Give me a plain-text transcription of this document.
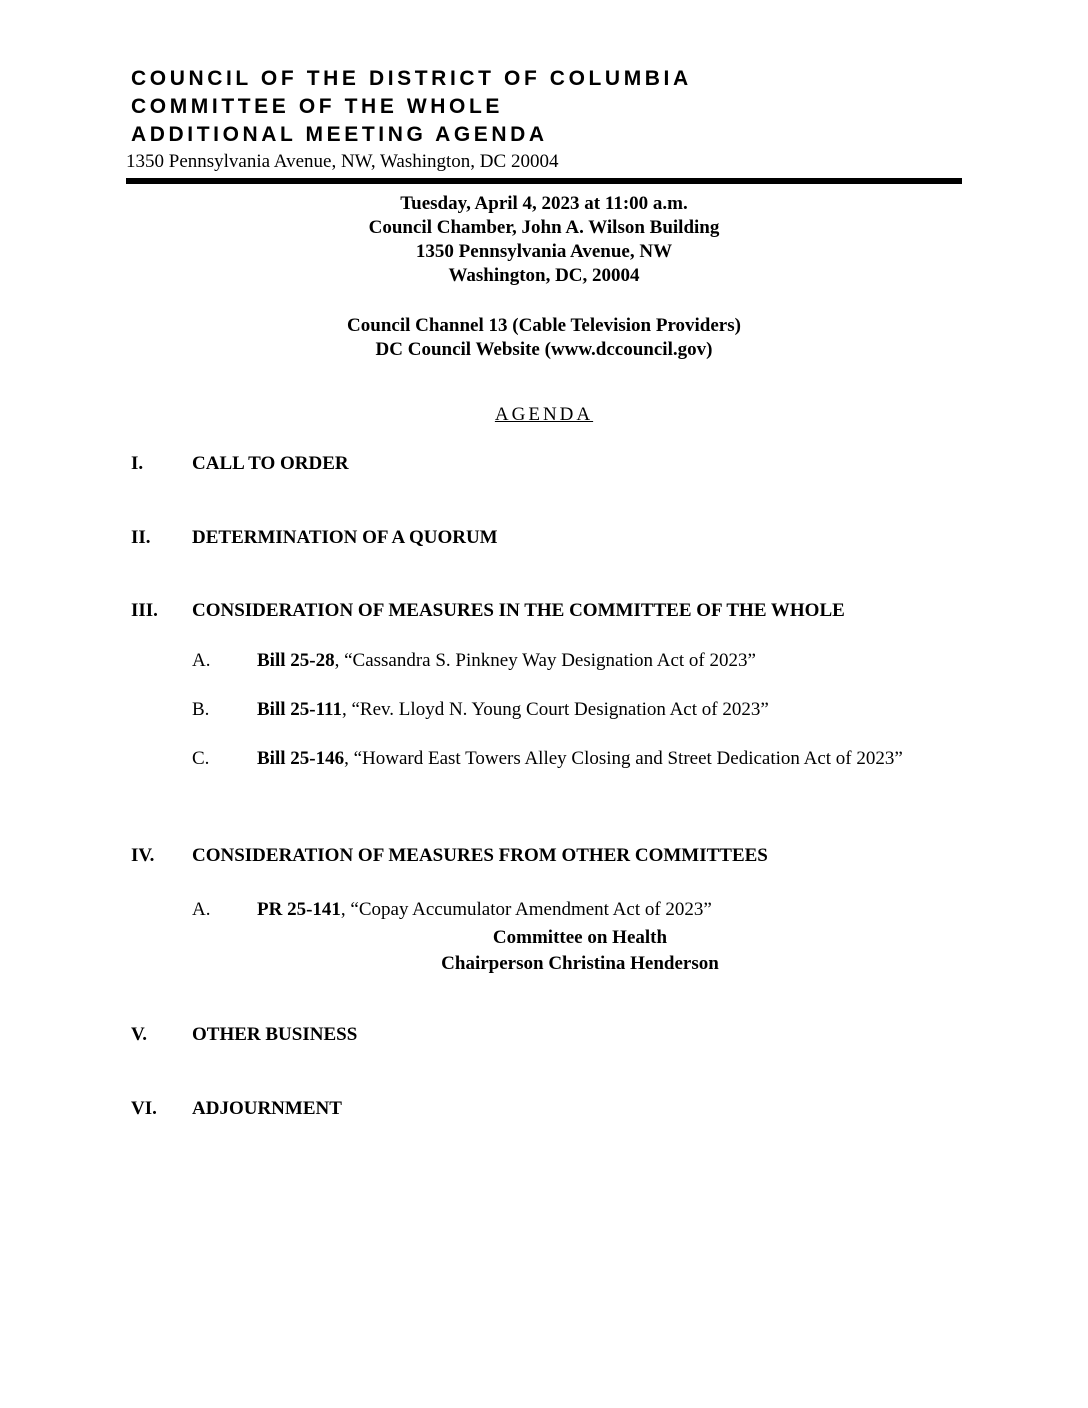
COUNCIL OF THE DISTRICT OF COLUMBIA
COMMITTEE OF THE WHOLE
ADDITIONAL MEETING AGENDA
1350 Pennsylvania Avenue, NW, Washington, DC 20004
Tuesday, April 4, 2023 at 11:00 a.m.
Council Chamber, John A. Wilson Building
1350 Pennsylvania Avenue, NW
Washington, DC, 20004
Council Channel 13 (Cable Television Providers)
DC Council Website (www.dccouncil.gov)
AGENDA
I.	CALL TO ORDER
II. DETERMINATION OF A QUORUM
III. CONSIDERATION OF MEASURES IN THE COMMITTEE OF THE WHOLE
A. Bill 25-28, “Cassandra S. Pinkney Way Designation Act of 2023”
B.	Bill 25-111, “Rev. Lloyd N. Young Court Designation Act of 2023”
C.	Bill 25-146, “Howard East Towers Alley Closing and Street Dedication Act of 2023”
IV. CONSIDERATION OF MEASURES FROM OTHER COMMITTEES
A. PR 25-141, “Copay Accumulator Amendment Act of 2023”
Committee on Health
Chairperson Christina Henderson
V. OTHER BUSINESS
VI. ADJOURNMENT
